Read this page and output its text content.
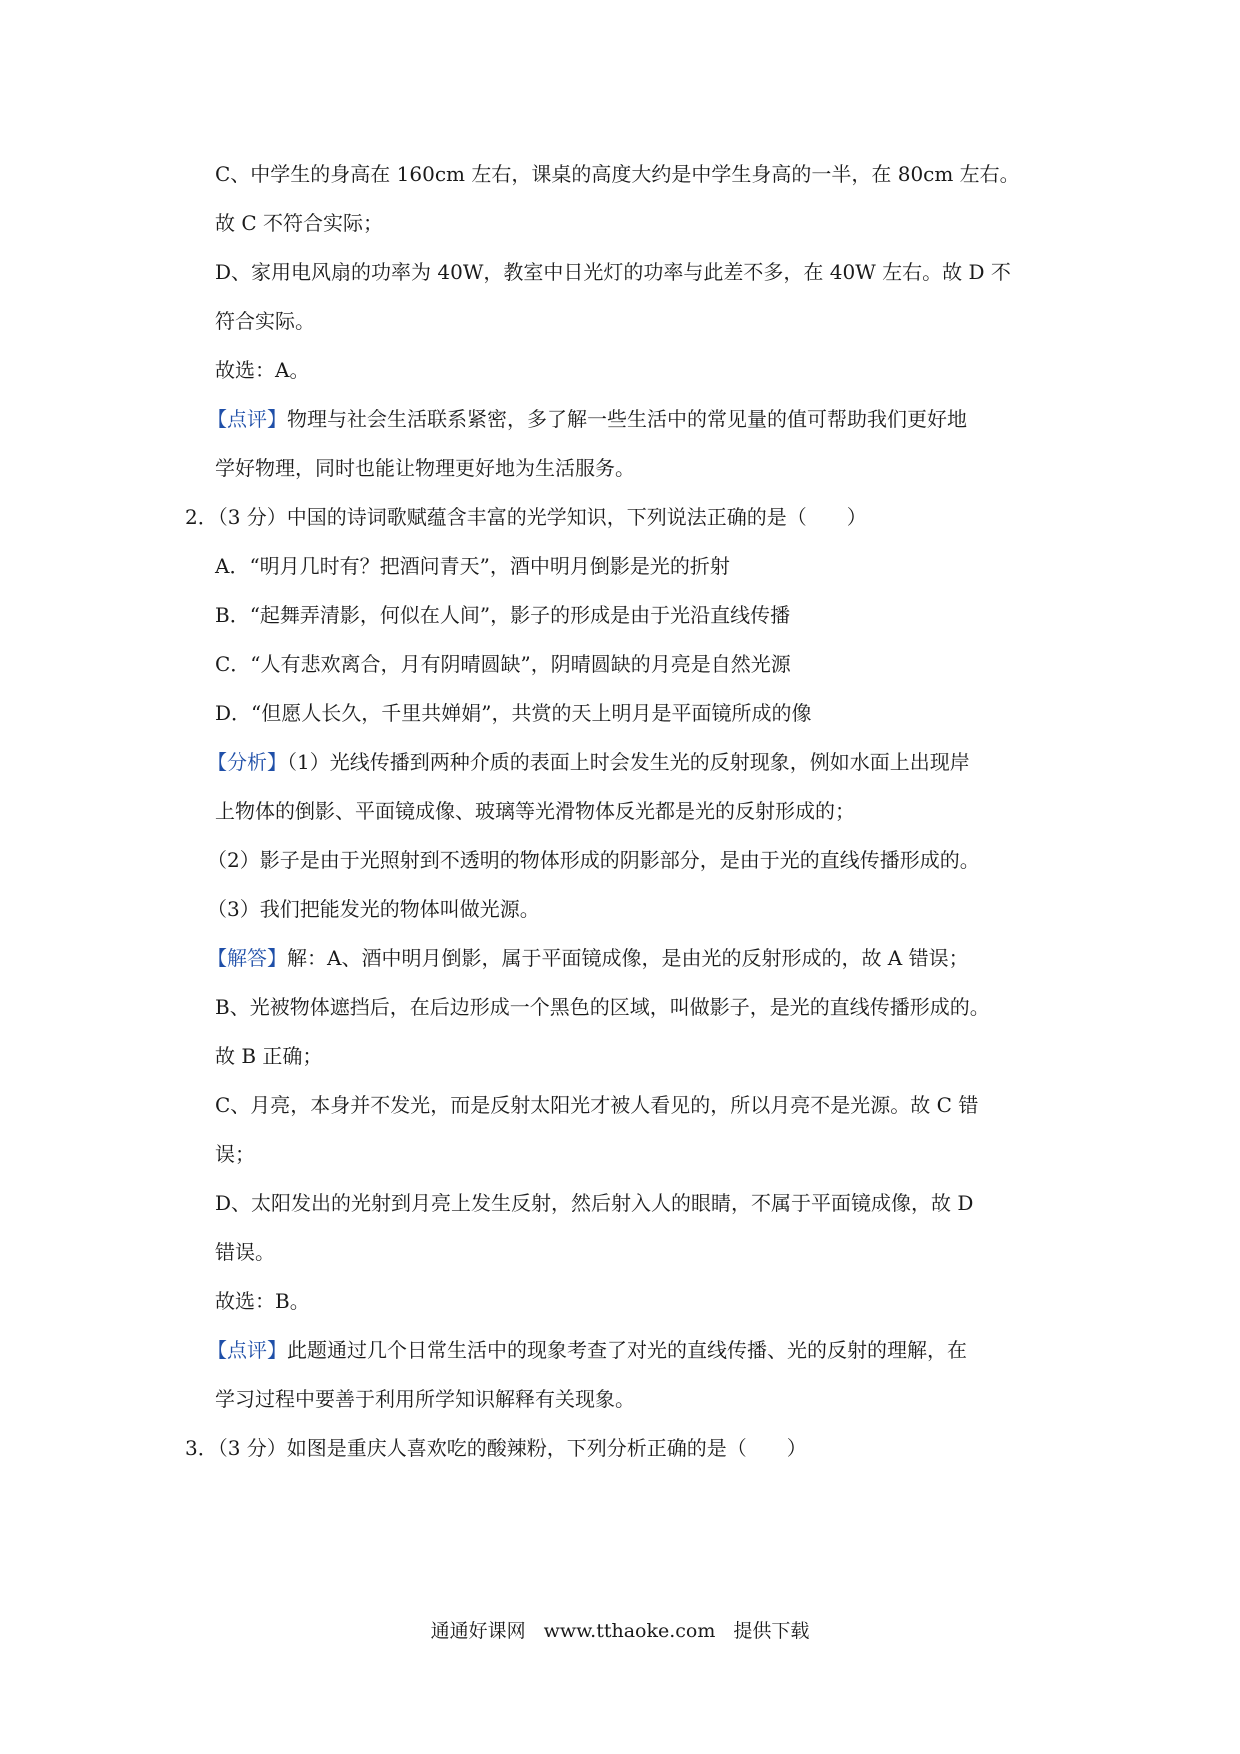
C、中学生的身高在 160cm 左右，课桌的高度大约是中学生身高的一半，在 80cm 左右。
故 C 不符合实际；
D、家用电风扇的功率为 40W，教室中日光灯的功率与此差不多，在 40W 左右。故 D 不
符合实际。
故选：A。
【点评】物理与社会生活联系紧密，多了解一些生活中的常见量的值可帮助我们更好地
学好物理，同时也能让物理更好地为生活服务。
2．（3 分）中国的诗词歌赋蕴含丰富的光学知识，下列说法正确的是（　　）
A．“明月几时有？把酒问青天”，酒中明月倒影是光的折射
B．“起舞弄清影，何似在人间”，影子的形成是由于光沿直线传播
C．“人有悲欢离合，月有阴晴圆缺”，阴晴圆缺的月亮是自然光源
D．“但愿人长久，千里共婵娟”，共赏的天上明月是平面镜所成的像
【分析】（1）光线传播到两种介质的表面上时会发生光的反射现象，例如水面上出现岸
上物体的倒影、平面镜成像、玻璃等光滑物体反光都是光的反射形成的；
（2）影子是由于光照射到不透明的物体形成的阴影部分，是由于光的直线传播形成的。
（3）我们把能发光的物体叫做光源。
【解答】解：A、酒中明月倒影，属于平面镜成像，是由光的反射形成的，故 A 错误；
B、光被物体遮挡后，在后边形成一个黑色的区域，叫做影子，是光的直线传播形成的。
故 B 正确；
C、月亮，本身并不发光，而是反射太阳光才被人看见的，所以月亮不是光源。故 C 错
误；
D、太阳发出的光射到月亮上发生反射，然后射入人的眼睛，不属于平面镜成像，故 D
错误。
故选：B。
【点评】此题通过几个日常生活中的现象考查了对光的直线传播、光的反射的理解，在
学习过程中要善于利用所学知识解释有关现象。
3．（3 分）如图是重庆人喜欢吃的酸辣粉，下列分析正确的是（　　）
通通好课网 www.tthaoke.com 提供下载
